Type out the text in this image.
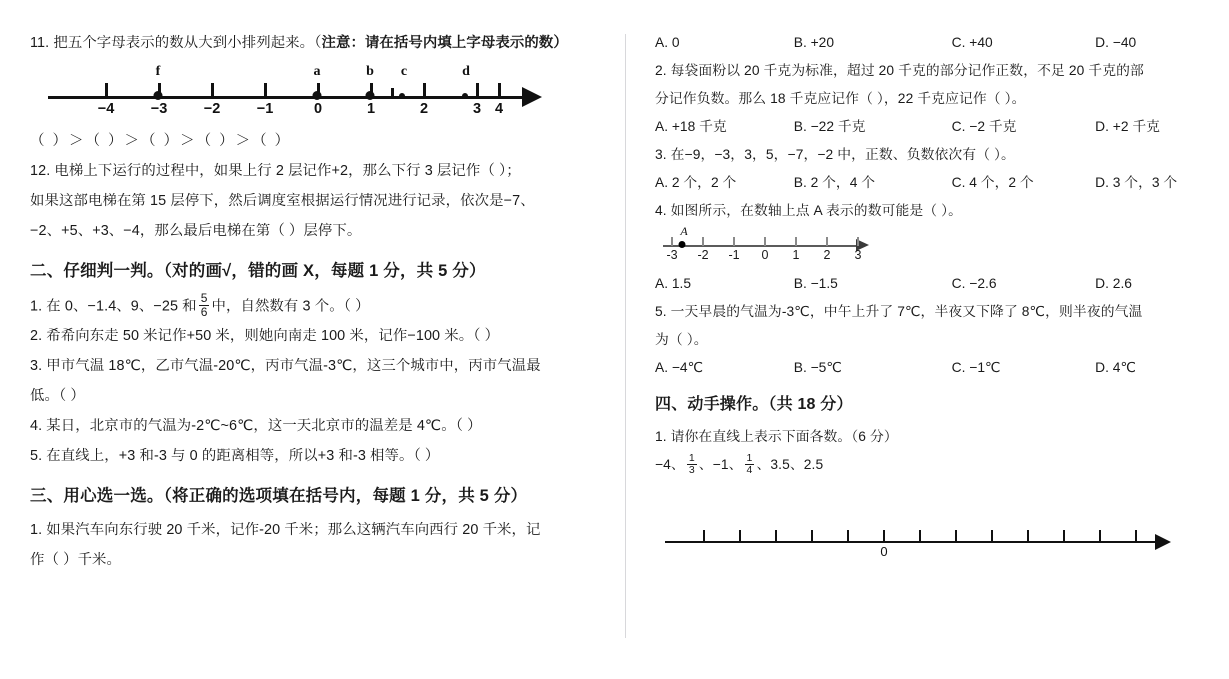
11. 把五个字母表示的数从大到小排列起来。（注意：请在括号内填上字母表示的数）

−4	−3	−2	−1	0	1	2	3 4
f	a	b c	d

（ ）＞（ ）＞（ ）＞（ ）＞（ ）

12. 电梯上下运行的过程中，如果上行 2 层记作+2，那么下行 3 层记作（ ）；

如果这部电梯在第 15 层停下，然后调度室根据运行情况进行记录，依次是−7、

−2、+5、+3、−4，那么最后电梯在第（ ）层停下。

二、仔细判一判。（对的画√，错的画 X，每题 1 分，共 5 分）

1. 在 0、−1.4、9、−25 和 $\frac{5}{6}$ 中，自然数有 3 个。（ ）

2. 希希向东走 50 米记作+50 米，则她向南走 100 米，记作−100 米。（ ）

3. 甲市气温 18℃，乙市气温-20℃，丙市气温-3℃，这三个城市中，丙市气温最

低。（ ）

4. 某日，北京市的气温为-2℃~6℃，这一天北京市的温差是 4℃。（ ）

5. 在直线上，+3 和-3 与 0 的距离相等，所以+3 和-3 相等。（ ）

三、用心选一选。（将正确的选项填在括号内，每题 1 分，共 5 分）

1. 如果汽车向东行驶 20 千米，记作-20 千米；那么这辆汽车向西行 20 千米，记

作（ ）千米。

A. 0	B. +20	C. +40	D. −40

2. 每袋面粉以 20 千克为标准，超过 20 千克的部分记作正数，不足 20 千克的部

分记作负数。那么 18 千克应记作（ ），22 千克应记作（ ）。

A. +18 千克	B. −22 千克	C. −2 千克	D. +2 千克

3. 在−9，−3，3，5，−7，−2 中，正数、负数依次有（ ）。

A. 2 个，2 个	B. 2 个，4 个	C. 4 个，2 个	D. 3 个，3 个

4. 如图所示，在数轴上点 A 表示的数可能是（ ）。

-3 -2 -1 0 1 2 3
A
A. 1.5	B. −1.5	C. −2.6	D. 2.6

5. 一天早晨的气温为-3℃，中午上升了 7℃，半夜又下降了 8℃，则半夜的气温

为（ ）。

A. −4℃	B. −5℃	C. −1℃	D. 4℃

四、动手操作。（共 18 分）

1. 请你在直线上表示下面各数。（6 分）

−4、 $\frac{1}{3}$ 、−1、 $\frac{1}{4}$ 、3.5、2.5

0
